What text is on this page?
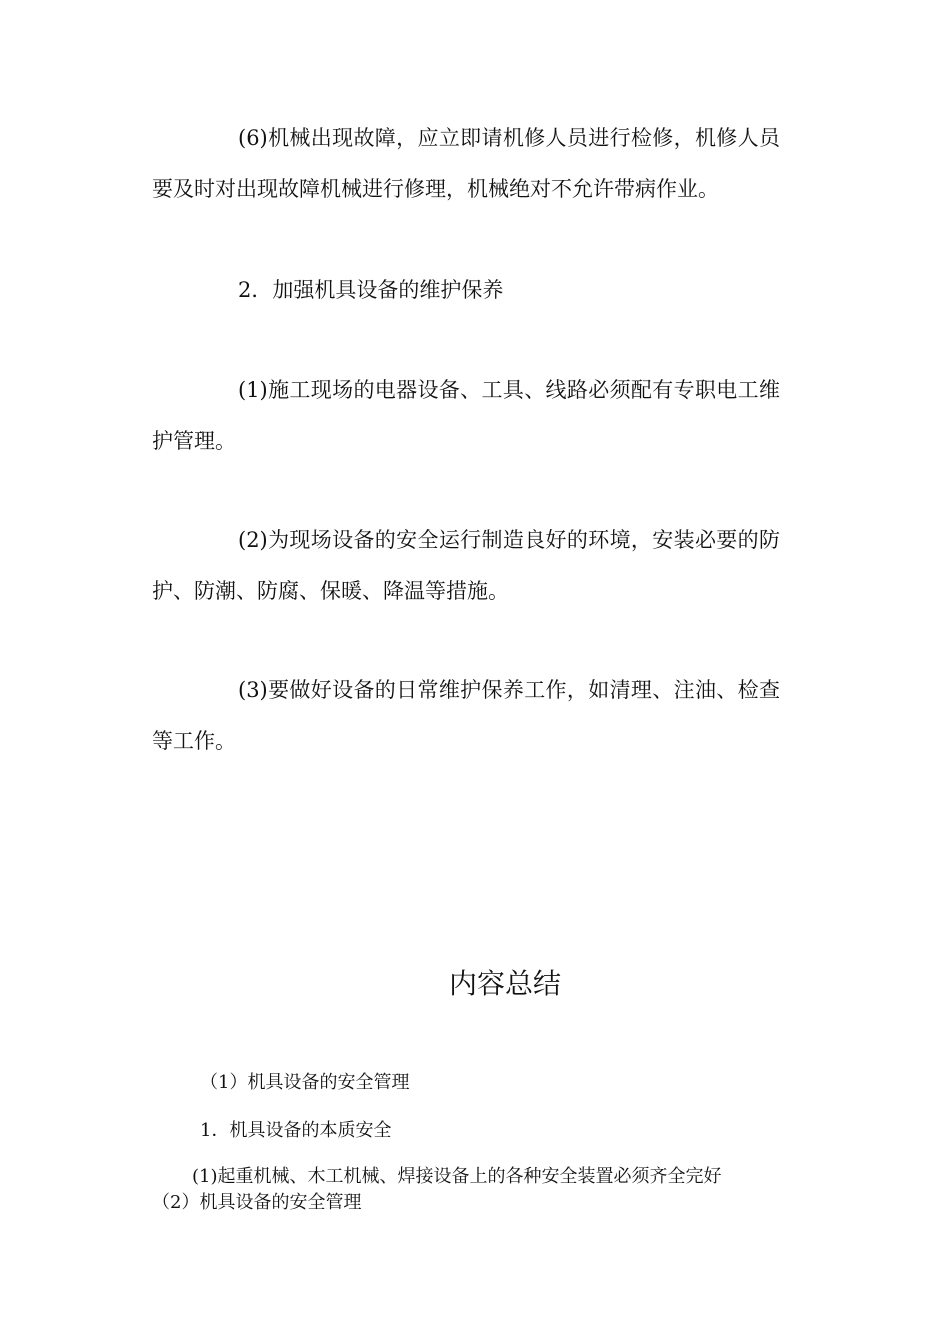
(6)机械出现故障，应立即请机修人员进行检修，机修人员要及时对出现故障机械进行修理，机械绝对不允许带病作业。

2．加强机具设备的维护保养

(1)施工现场的电器设备、工具、线路必须配有专职电工维护管理。

(2)为现场设备的安全运行制造良好的环境，安装必要的防护、防潮、防腐、保暖、降温等措施。

(3)要做好设备的日常维护保养工作，如清理、注油、检查等工作。

内容总结

（1）机具设备的安全管理

1．机具设备的本质安全

(1)起重机械、木工机械、焊接设备上的各种安全装置必须齐全完好

（2）机具设备的安全管理
